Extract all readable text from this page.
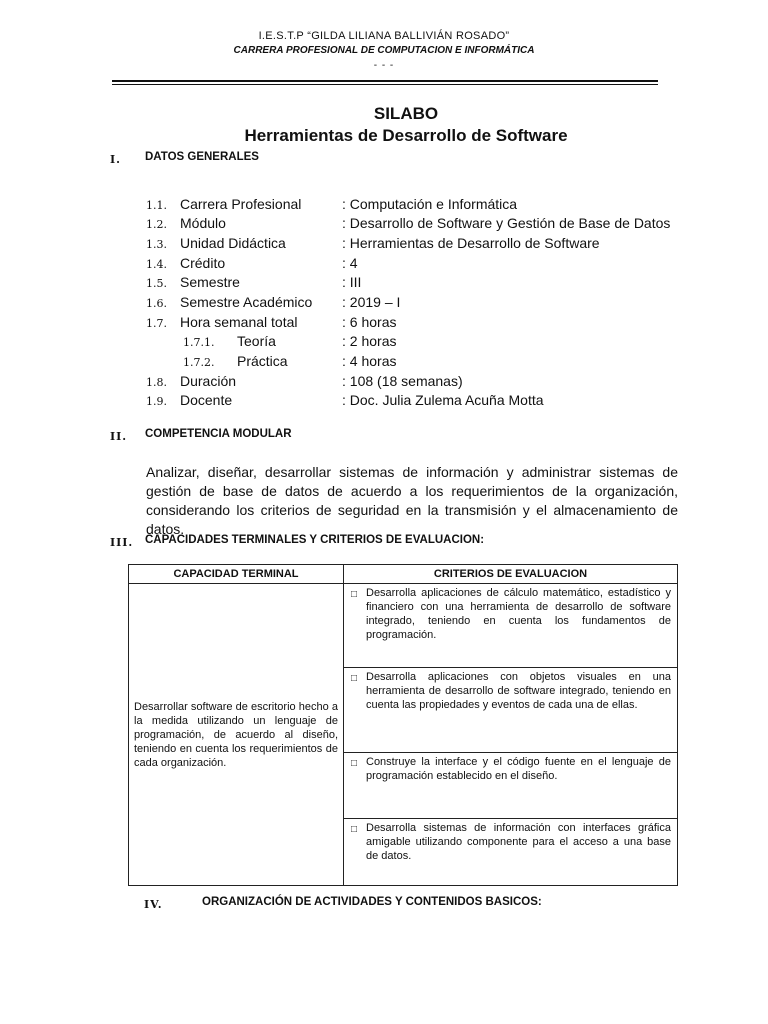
I.E.S.T.P “GILDA LILIANA BALLIVIÁN ROSADO”
CARRERA PROFESIONAL DE COMPUTACION E INFORMÁTICA
- - -
SILABO
Herramientas de Desarrollo de Software
I. DATOS GENERALES
1.1. Carrera Profesional	: Computación e Informática
1.2. Módulo	: Desarrollo de Software y Gestión de Base de Datos
1.3. Unidad Didáctica	: Herramientas de Desarrollo de Software
1.4. Crédito	: 4
1.5. Semestre	: III
1.6. Semestre Académico : 2019 – I
1.7. Hora semanal total	: 6 horas
1.7.1. Teoría	: 2 horas
1.7.2. Práctica	: 4 horas
1.8. Duración	: 108 (18 semanas)
1.9. Docente	: Doc. Julia Zulema Acuña Motta
II. COMPETENCIA MODULAR
Analizar, diseñar, desarrollar sistemas de información y administrar sistemas de gestión de base de datos de acuerdo a los requerimientos de la organización, considerando los criterios de seguridad en la transmisión y el almacenamiento de datos.
III. CAPACIDADES TERMINALES Y CRITERIOS DE EVALUACION:
CAPACIDAD TERMINAL	CRITERIOS DE EVALUACION
Desarrollar software de escritorio hecho a la medida utilizando un lenguaje de programación, de acuerdo al diseño, teniendo en cuenta los requerimientos de cada organización.	□ Desarrolla aplicaciones de cálculo matemático, estadístico y financiero con una herramienta de desarrollo de software integrado, teniendo en cuenta los fundamentos de programación.

	□ Desarrolla aplicaciones con objetos visuales en una herramienta de desarrollo de software integrado, teniendo en cuenta las propiedades y eventos de cada una de ellas.

	□ Construye la interface y el código fuente en el lenguaje de programación establecido en el diseño.

	□ Desarrolla sistemas de información con interfaces gráfica amigable utilizando componente para el acceso a una base de datos.
IV.	ORGANIZACIÓN DE ACTIVIDADES Y CONTENIDOS BASICOS:
